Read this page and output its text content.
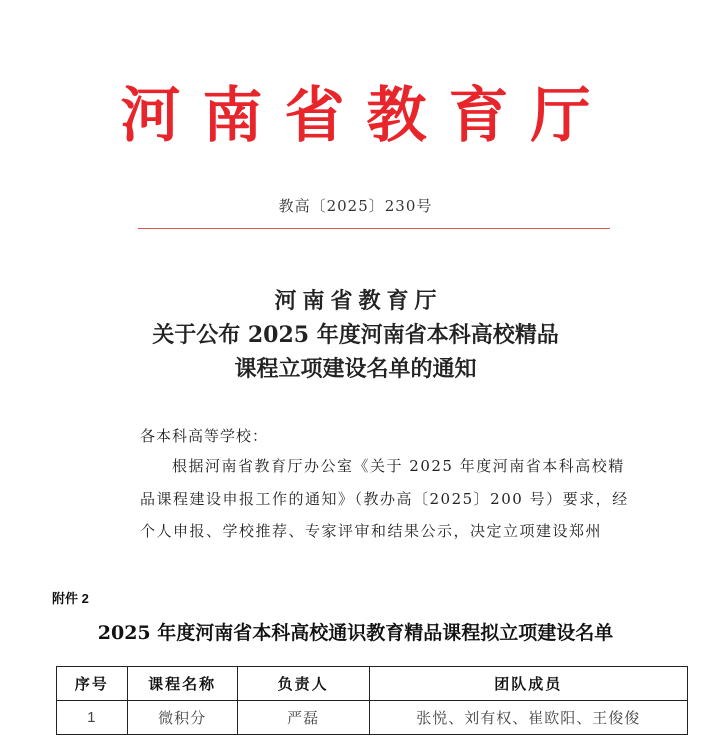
河南省教育厅
教高〔2025〕230号
河南省教育厅
关于公布 2025 年度河南省本科高校精品
课程立项建设名单的通知
各本科高等学校：
根据河南省教育厅办公室《关于 2025 年度河南省本科高校精
品课程建设申报工作的通知》（教办高〔2025〕200 号）要求，经
个人申报、学校推荐、专家评审和结果公示，决定立项建设郑州
附件 2
2025 年度河南省本科高校通识教育精品课程拟立项建设名单
序号	课程名称	负责人	团队成员
1	微积分	严磊	张悦、刘有权、崔欧阳、王俊俊
